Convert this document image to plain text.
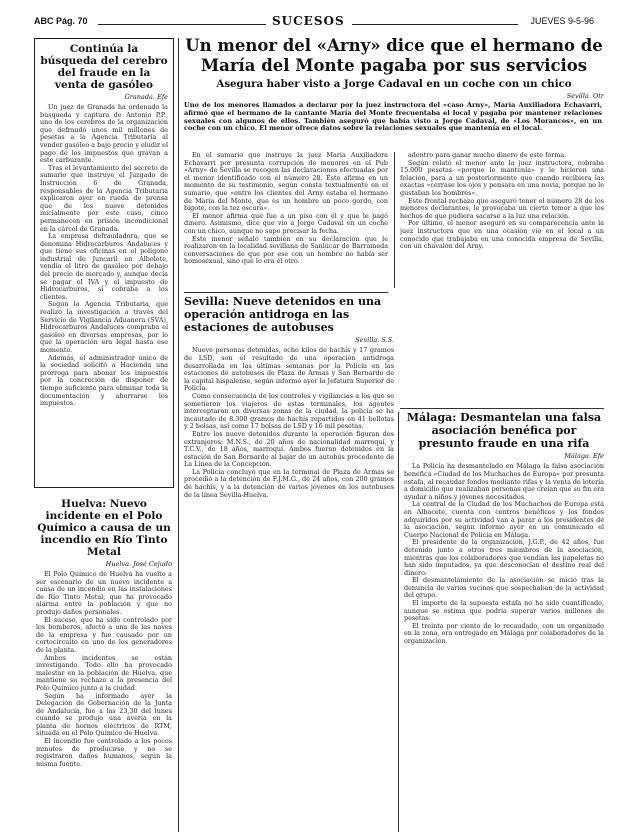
ABC Pág. 70	SUCESOS	JUEVES 9-5-96
Continúa la búsqueda del cerebro del fraude en la venta de gasóleo
Granada. Efe

Un juez de Granada ha ordenado la búsqueda y captura de Antonio P.P., uno de los cerebros de la organización que defraudó unos mil millones de pesetas a la Agencia Tributaria al vender gasóleo a bajo precio y eludir el pago de los impuestos que gravan a este carburante.

Tras el levantamiento del secreto de sumario que instruye el Juzgado de Instrucción 6 de Granada, responsables de la Agencia Tributaria explicaron ayer en rueda de prensa que de los nueve detenidos inicialmente por este caso, cinco permanecen en prisión incondicional en la cárcel de Granada.

La empresa defraudadora, que se denomina Hidrocarburos Andaluces y que tiene sus oficinas en el polígono industrial de Juncaril en Albolote, vendía el litro de gasóleo por debajo del precio de mercado y, aunque decía se pagar el IVA y el impuesto de Hidrocarburos, sí cobraba a los clientes.

Según la Agencia Tributaria, que realizó la investigación a través del Servicio de Vigilancia Aduanera (SVA), Hidrocarburos Andaluces compraba el gasóleo en diversas empresas, por lo que la operación era legal hasta ese momento.

Además, el administrador único de la sociedad solicitó a Hacienda una prórroga para abonar los impuestos por la concreción de disponer de tiempo suficiente para eliminar toda la documentación y ahorrarse los impuestos.

Huelva: Nuevo incidente en el Polo Químico a causa de un incendio en Río Tinto Metal
Huelva. José Cejudo

El Polo Químico de Huelva ha vuelto a ser escenario de un nuevo incidente a causa de un incendio en las instalaciones de Río Tinto Metal, que ha provocado alarma entre la población y que no produjo daños personales.

El suceso, que ha sido controlado por los bomberos, afectó a una de las naves de la empresa y fue causado por un cortocircuito en uno de los generadores de la planta.

Ambos incidentes se están investigando. Todo ello ha provocado malestar en la población de Huelva, que mantiene su rechazo a la presencia del Polo Químico junto a la ciudad.

Según ha informado ayer la Delegación de Gobernación de la Junta de Andalucía, fue a las 23,30 del lunes cuando se produjo una avería en la planta de hornos eléctricos de RTM, situada en el Polo Químico de Huelva.

El incendio fue controlado a los pocos minutos de producirse y no se registraron daños humanos, según la misma fuente.

Un menor del «Arny» dice que el hermano de María del Monte pagaba por sus servicios
Asegura haber visto a Jorge Cadaval en un coche con un chico
Sevilla. Otr

Uno de los menores llamados a declarar por la juez instructora del «caso Arny», María Auxiliadora Echavarri, afirmó que el hermano de la cantante María del Monte frecuentaba el local y pagaba por mantener relaciones sexuales con algunos de ellos. También aseguró que había visto a Jorge Cadaval, de «Los Morancos», en un coche con un chico. El menor ofrece datos sobre la relaciones sexuales que mantenía en el local.

En el sumario que instruye la juez María Auxiliadora Echavarri por presunta corrupción de menores en el Pub «Arny» de Sevilla se recogen las declaraciones efectuadas por el menor identificado con el número 28. Éste afirma en un momento de su testimonio, según consta textualmente en el sumario, que «entre los clientes del Arny estaba el hermano de María del Monte, que es un hombre un poco gordo, con bigote, con la tez oscura».

El menor afirma que fue a un piso con él y que le pagó dinero. Asimismo, dice que vio a Jorge Cadaval en un coche con un chico, aunque no supo precisar la fecha.

Este menor señaló también en su declaración que le realizaron en la localidad sevillana de Sanlúcar de Barrameda conversaciones de que por ese con un hombre no había ser homosexual, sino que lo era él otro.

adentro para ganar mucho dinero de este forma.

Según relató el menor ante la juez instructora, cobraba 15.000 pesetas «porque le mantenía» y le hicieron una felación, para a un posteriormente que cuando recibiera las exactas «cerrase los ojos y pensara en una novia, porque no le gustaban los hombres».

Este frontal rechazo que aseguró tener el número 28 de los menores declarantes, le provocaba un cierto temor a que los hechos de que pudiera sacarse a la luz una relación.

Por último, el menor aseguró en su comparecencia ante la juez instructora que en una ocasión vio en el local a un conocido que trabajaba en una conocida empresa de Sevilla, con un chavalón del Arny.

Sevilla: Nueve detenidos en una operación antidroga en las estaciones de autobuses
Sevilla. S.S.

Nueve personas detenidas, ocho kilos de hachís y 17 gramos de LSD, son el resultado de una operación antidroga desarrollada en las últimas semanas por la Policía en las estaciones de autobuses de Plaza de Armas y San Bernardo de la capital hispalense, según informó ayer la Jefatura Superior de Policía.

Como consecuencia de los controles y vigilancias a los que se sometieron los viajeros de estas terminales, los agentes interceptaron en diversas zonas de la ciudad, la policía se ha incautado de 8.300 gramos de hachís repartidos en 41 bellotas y 2 bolsas, así como 17 bolsas de LSD y 16 mil pesetas.

Entre los nueve detenidos durante la operación figuran dos extranjeros: M.N.S., de 20 años de nacionalidad marroquí, y T.C.V., de 18 años, marroquí. Ambos fueron detenidos en la estación de San Bernardo al bajar de un autobús procedente de La Línea de la Concepción.

La Policía concluyó que en la terminal de Plaza de Armas se procedió a la detención de F.J.M.G., de 24 años, con 200 gramos de hachís, y a la detención de varios jóvenes en los autobuses de la línea Sevilla-Huelva.

Málaga: Desmantelan una falsa asociación benéfica por presunto fraude en una rifa
Málaga. Efe

La Policía ha desmantelado en Málaga la falsa asociación benéfica «Ciudad de los Muchachos de Europa» por presunta estafa, al recaudar fondos mediante rifas y la venta de lotería a domicilio que realizaban personas que creían que su fin era ayudar a niños y jóvenes necesitados.

La central de la Ciudad de los Muchachos de Europa está en Albacete, cuenta con centros benéficos y los fondos adquiridos por su actividad van a parar a los presidentes de la asociación, según informó ayer en un comunicado el Cuerpo Nacional de Policía en Málaga.

El presidente de la organización, J.G.P., de 42 años, fue detenido junto a otros tres miembros de la asociación, mientras que los colaboradores que vendían las papeletas no han sido imputados, ya que desconocían el destino real del dinero.

El desmantelamiento de la asociación se inició tras la denuncia de varios vecinos que sospechaban de la actividad del grupo.

El importe de la supuesta estafa no ha sido cuantificado, aunque se estima que podría superar varios millones de pesetas.

El treinta por ciento de lo recaudado, con un organizado en la zona, era entregado en Málaga por colaboradores de la organización.
